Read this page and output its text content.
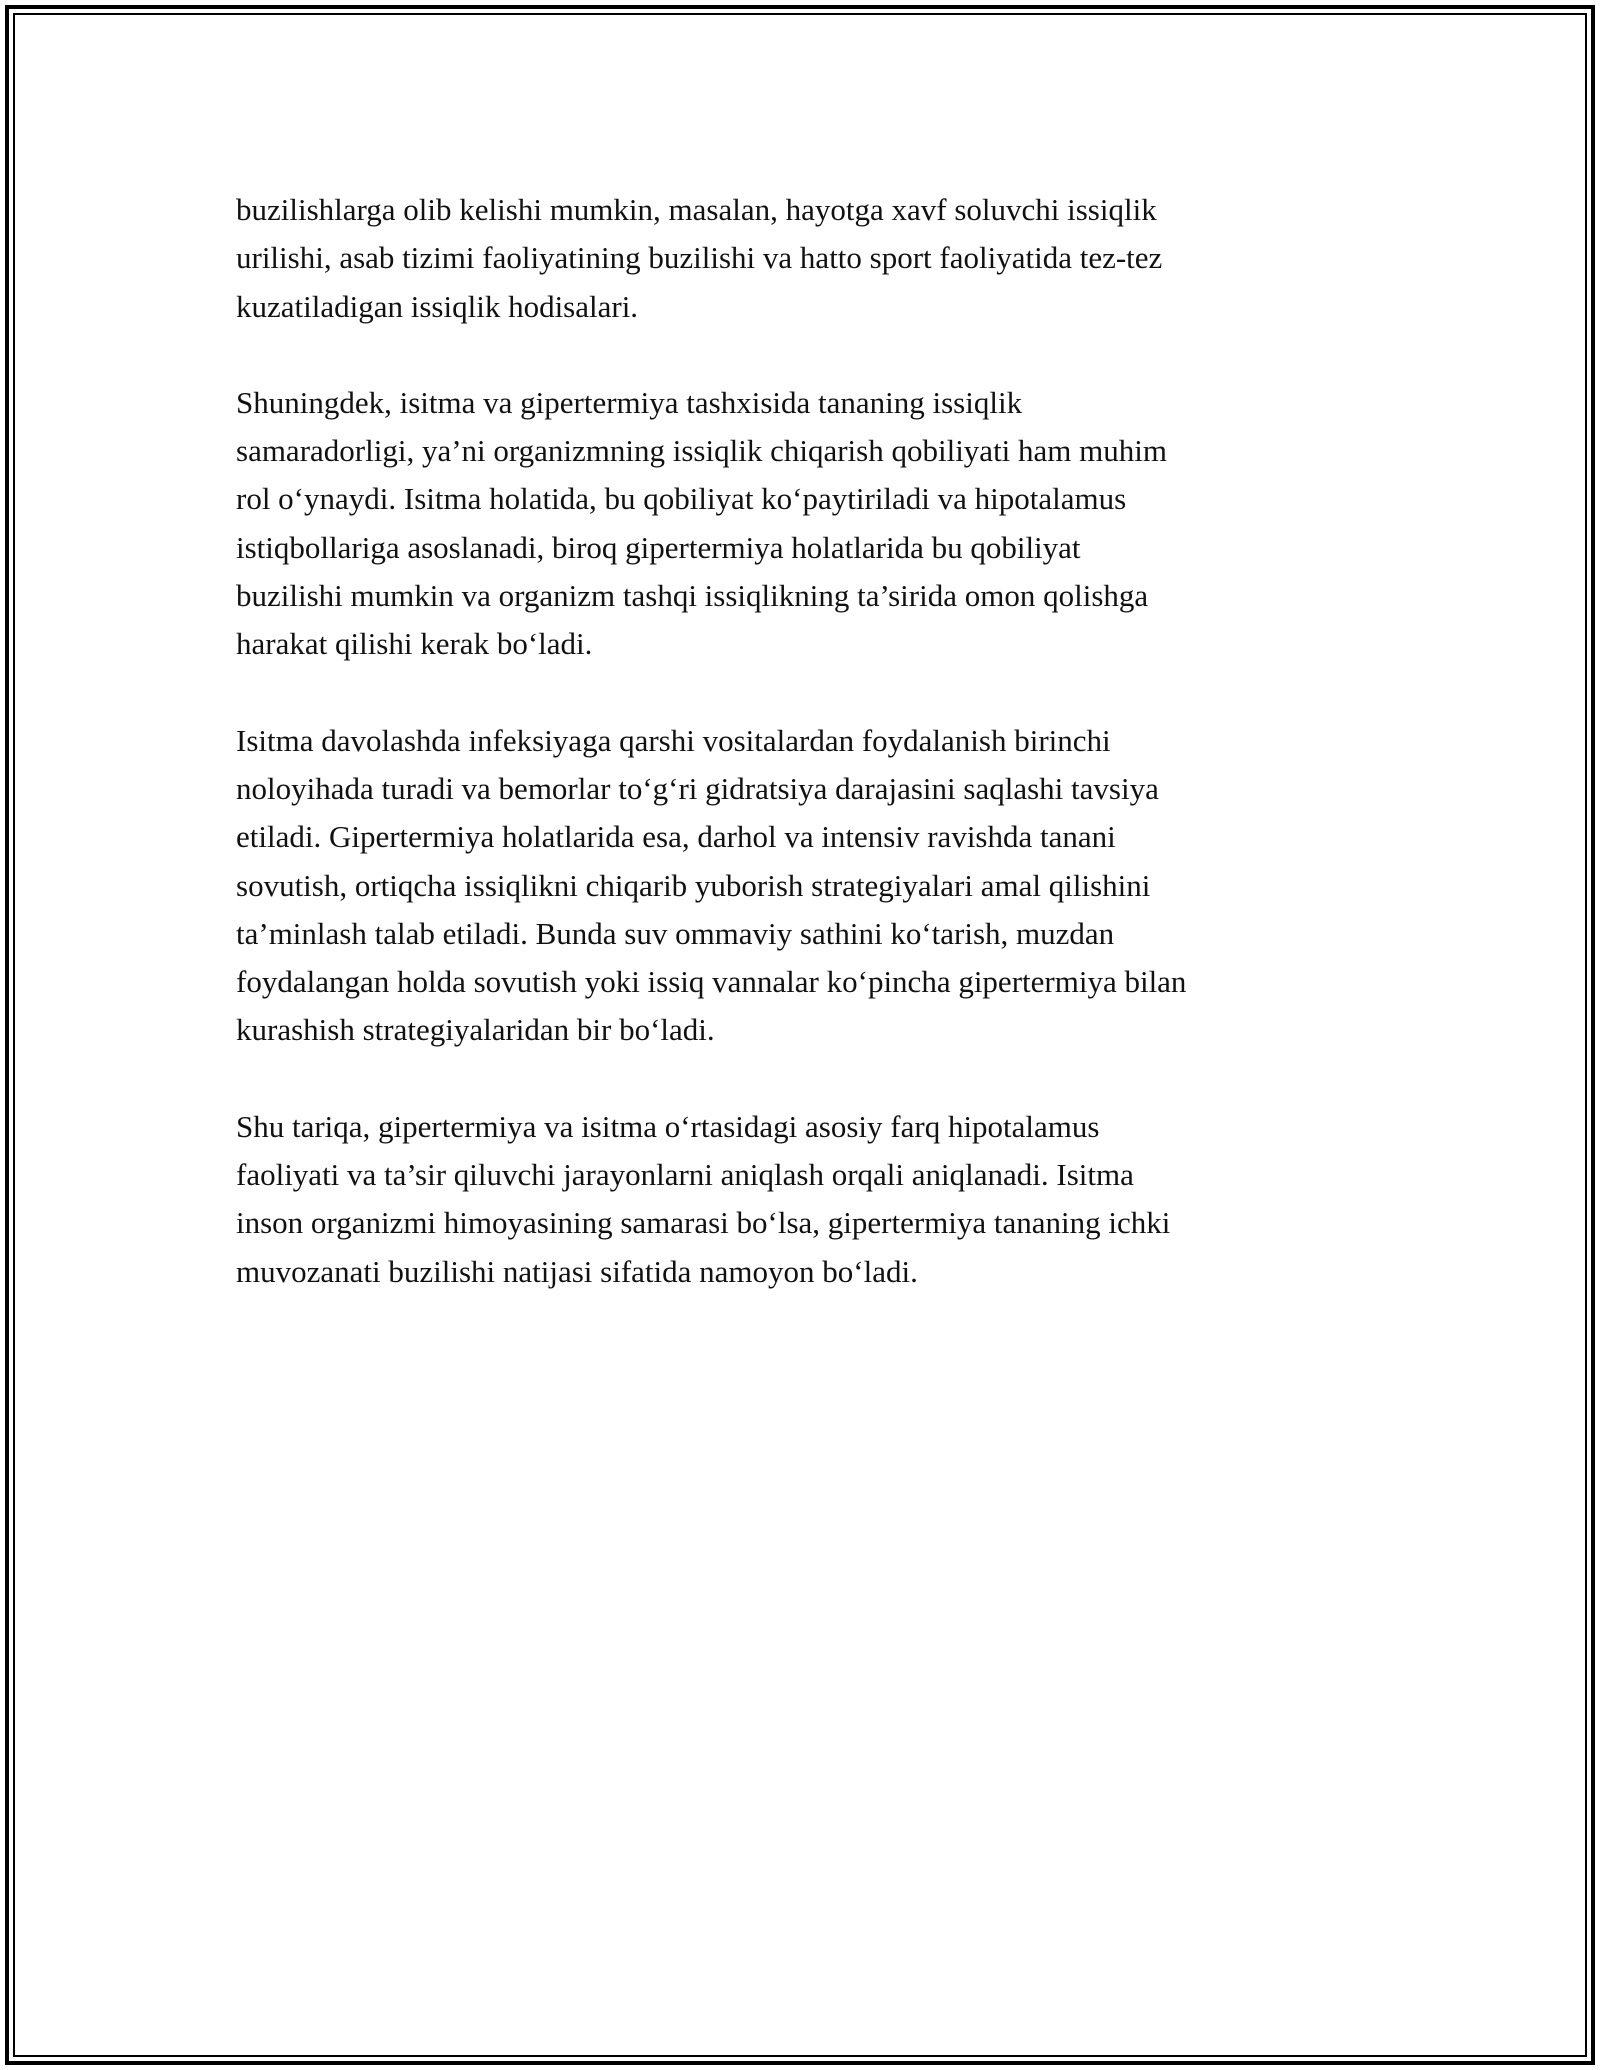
buzilishlarga olib kelishi mumkin, masalan, hayotga xavf soluvchi issiqlik
urilishi, asab tizimi faoliyatining buzilishi va hatto sport faoliyatida tez-tez
kuzatiladigan issiqlik hodisalari.

Shuningdek, isitma va gipertermiya tashxisida tananing issiqlik
samaradorligi, ya’ni organizmning issiqlik chiqarish qobiliyati ham muhim
rol o‘ynaydi. Isitma holatida, bu qobiliyat ko‘paytiriladi va hipotalamus
istiqbollariga asoslanadi, biroq gipertermiya holatlarida bu qobiliyat
buzilishi mumkin va organizm tashqi issiqlikning ta’sirida omon qolishga
harakat qilishi kerak bo‘ladi.

Isitma davolashda infeksiyaga qarshi vositalardan foydalanish birinchi
noloyihada turadi va bemorlar to‘g‘ri gidratsiya darajasini saqlashi tavsiya
etiladi. Gipertermiya holatlarida esa, darhol va intensiv ravishda tanani
sovutish, ortiqcha issiqlikni chiqarib yuborish strategiyalari amal qilishini
ta’minlash talab etiladi. Bunda suv ommaviy sathini ko‘tarish, muzdan
foydalangan holda sovutish yoki issiq vannalar ko‘pincha gipertermiya bilan
kurashish strategiyalaridan bir bo‘ladi.

Shu tariqa, gipertermiya va isitma o‘rtasidagi asosiy farq hipotalamus
faoliyati va ta’sir qiluvchi jarayonlarni aniqlash orqali aniqlanadi. Isitma
inson organizmi himoyasining samarasi bo‘lsa, gipertermiya tananing ichki
muvozanati buzilishi natijasi sifatida namoyon bo‘ladi.
